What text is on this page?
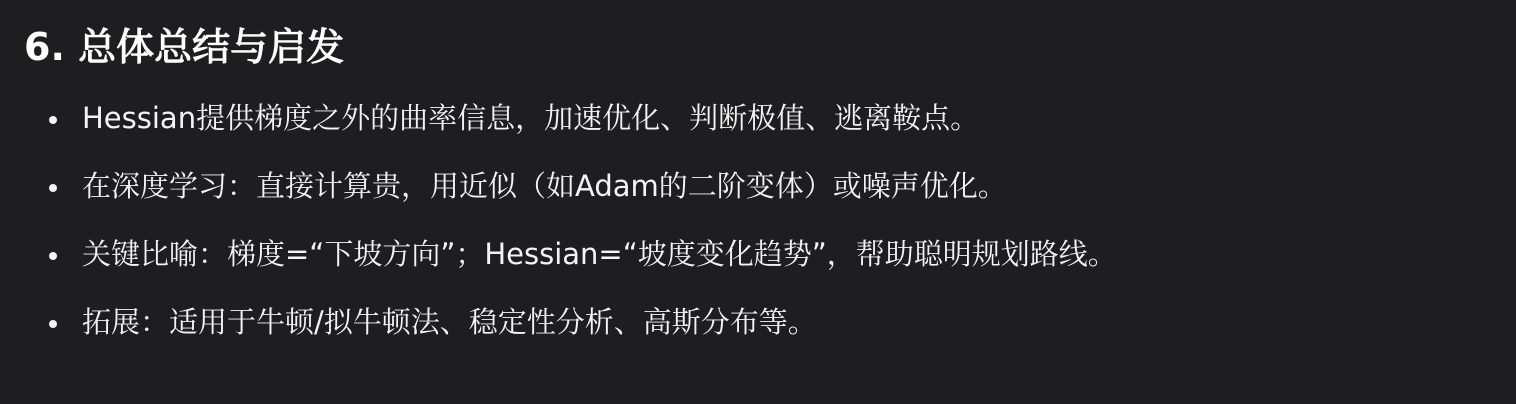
6. 总体总结与启发
Hessian提供梯度之外的曲率信息，加速优化、判断极值、逃离鞍点。
在深度学习：直接计算贵，用近似（如Adam的二阶变体）或噪声优化。
关键比喻：梯度=“下坡方向”；Hessian=“坡度变化趋势”，帮助聪明规划路线。
拓展：适用于牛顿/拟牛顿法、稳定性分析、高斯分布等。
